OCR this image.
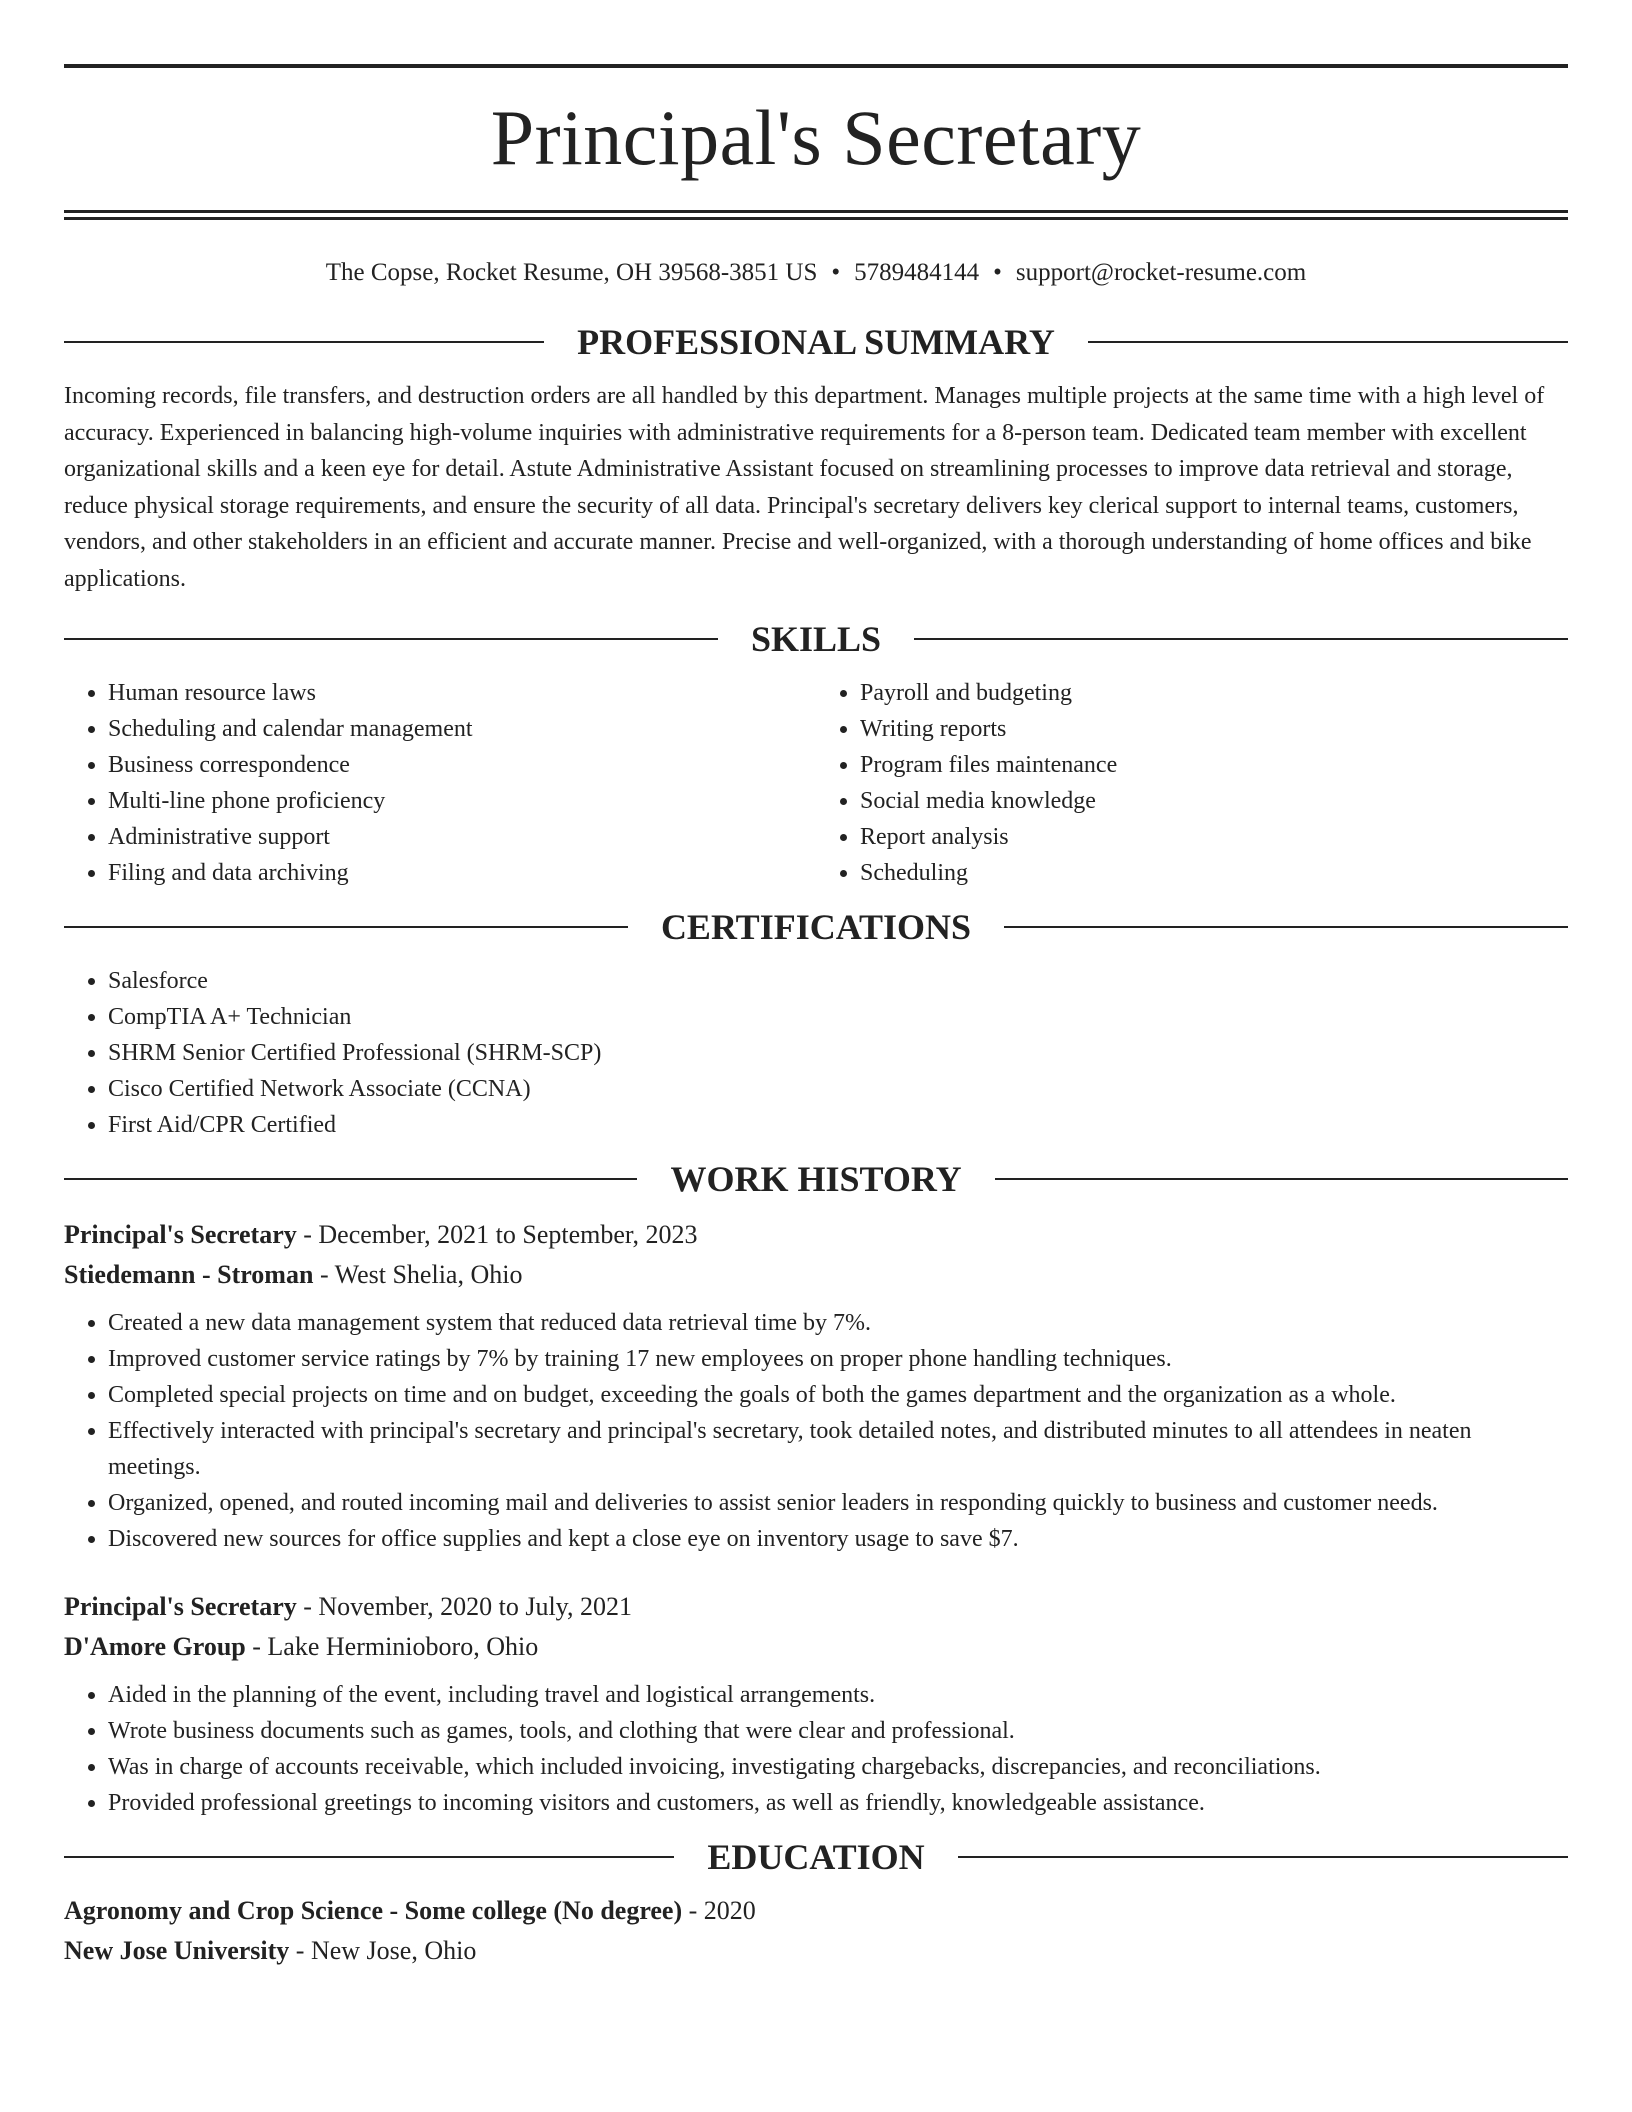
Principal's Secretary
The Copse, Rocket Resume, OH 39568-3851 US • 5789484144 • support@rocket-resume.com
PROFESSIONAL SUMMARY

Incoming records, file transfers, and destruction orders are all handled by this department. Manages multiple projects at the same time with a high level of accuracy. Experienced in balancing high-volume inquiries with administrative requirements for a 8-person team. Dedicated team member with excellent organizational skills and a keen eye for detail. Astute Administrative Assistant focused on streamlining processes to improve data retrieval and storage, reduce physical storage requirements, and ensure the security of all data. Principal's secretary delivers key clerical support to internal teams, customers, vendors, and other stakeholders in an efficient and accurate manner. Precise and well-organized, with a thorough understanding of home offices and bike applications.

SKILLS
• Human resource laws
• Scheduling and calendar management
• Business correspondence
• Multi-line phone proficiency
• Administrative support
• Filing and data archiving
• Payroll and budgeting
• Writing reports
• Program files maintenance
• Social media knowledge
• Report analysis
• Scheduling
CERTIFICATIONS
• Salesforce
• CompTIA A+ Technician
• SHRM Senior Certified Professional (SHRM-SCP)
• Cisco Certified Network Associate (CCNA)
• First Aid/CPR Certified
WORK HISTORY

Principal's Secretary - December, 2021 to September, 2023

Stiedemann - Stroman - West Shelia, Ohio

• Created a new data management system that reduced data retrieval time by 7%.
• Improved customer service ratings by 7% by training 17 new employees on proper phone handling techniques.
• Completed special projects on time and on budget, exceeding the goals of both the games department and the organization as a whole.
• Effectively interacted with principal's secretary and principal's secretary, took detailed notes, and distributed minutes to all attendees in neaten meetings.
• Organized, opened, and routed incoming mail and deliveries to assist senior leaders in responding quickly to business and customer needs.
• Discovered new sources for office supplies and kept a close eye on inventory usage to save $7.

Principal's Secretary - November, 2020 to July, 2021

D'Amore Group - Lake Herminioboro, Ohio

• Aided in the planning of the event, including travel and logistical arrangements.
• Wrote business documents such as games, tools, and clothing that were clear and professional.
• Was in charge of accounts receivable, which included invoicing, investigating chargebacks, discrepancies, and reconciliations.
• Provided professional greetings to incoming visitors and customers, as well as friendly, knowledgeable assistance.
EDUCATION

Agronomy and Crop Science - Some college (No degree) - 2020

New Jose University - New Jose, Ohio
